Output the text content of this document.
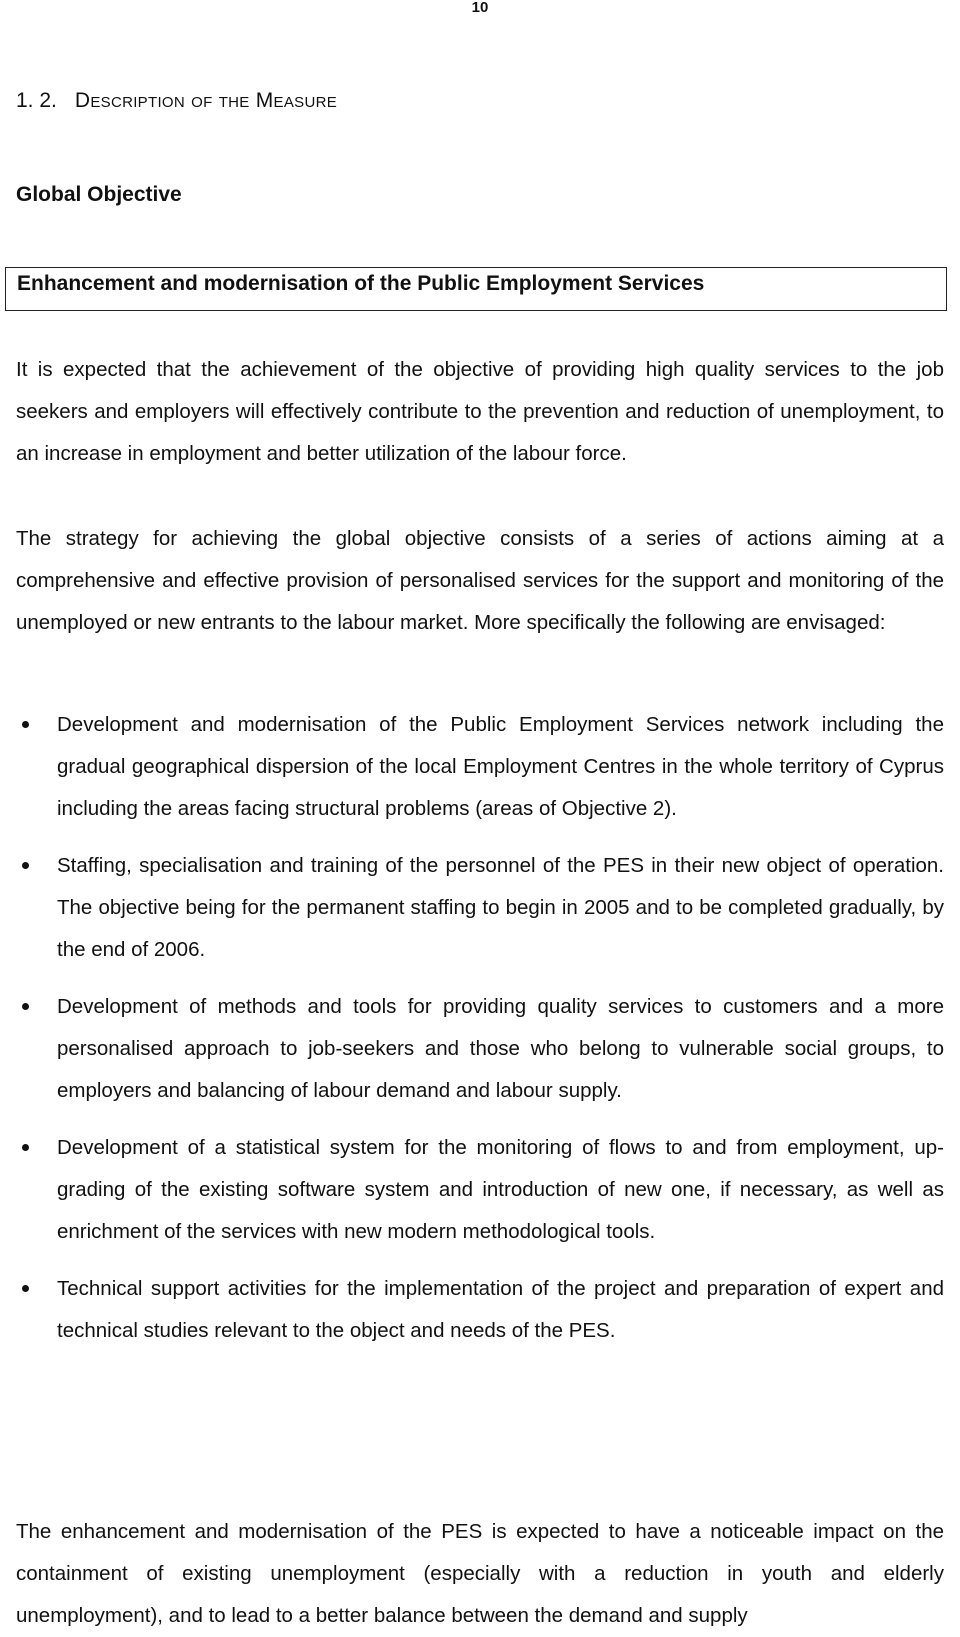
10
1. 2. Description of the Measure
Global Objective
Enhancement and modernisation of the Public Employment Services

It is expected that the achievement of the objective of providing high quality services to the job seekers and employers will effectively contribute to the prevention and reduction of unemployment, to an increase in employment and better utilization of the labour force.

The strategy for achieving the global objective consists of a series of actions aiming at a comprehensive and effective provision of personalised services for the support and monitoring of the unemployed or new entrants to the labour market. More specifically the following are envisaged:

Development and modernisation of the Public Employment Services network including the gradual geographical dispersion of the local Employment Centres in the whole territory of Cyprus including the areas facing structural problems (areas of Objective 2).
Staffing, specialisation and training of the personnel of the PES in their new object of operation. The objective being for the permanent staffing to begin in 2005 and to be completed gradually, by the end of 2006.
Development of methods and tools for providing quality services to customers and a more personalised approach to job-seekers and those who belong to vulnerable social groups, to employers and balancing of labour demand and labour supply.
Development of a statistical system for the monitoring of flows to and from employment, up-grading of the existing software system and introduction of new one, if necessary, as well as enrichment of the services with new modern methodological tools.
Technical support activities for the implementation of the project and preparation of expert and technical studies relevant to the object and needs of the PES.

The enhancement and modernisation of the PES is expected to have a noticeable impact on the containment of existing unemployment (especially with a reduction in youth and elderly unemployment), and to lead to a better balance between the demand and supply
